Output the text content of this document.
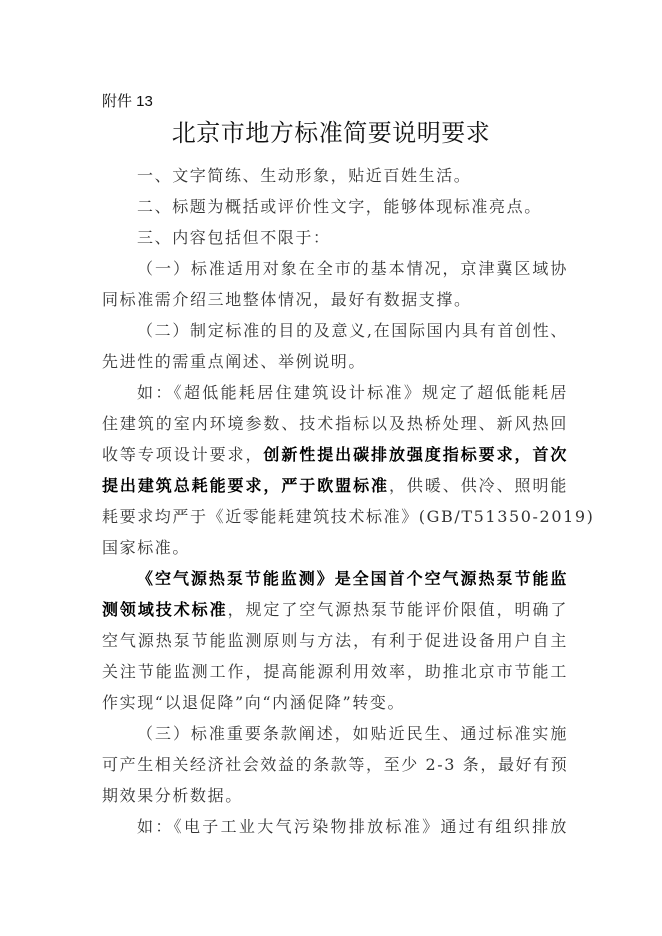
附件 13
北京市地方标准简要说明要求
一、文字简练、生动形象，贴近百姓生活。
二、标题为概括或评价性文字，能够体现标准亮点。
三、内容包括但不限于：
（一）标准适用对象在全市的基本情况，京津冀区域协
同标准需介绍三地整体情况，最好有数据支撑。
（二）制定标准的目的及意义,在国际国内具有首创性、
先进性的需重点阐述、举例说明。
如：《超低能耗居住建筑设计标准》规定了超低能耗居
住建筑的室内环境参数、技术指标以及热桥处理、新风热回
收等专项设计要求，创新性提出碳排放强度指标要求，首次
提出建筑总耗能要求，严于欧盟标准，供暖、供冷、照明能
耗要求均严于《近零能耗建筑技术标准》(GB/T51350-2019)
国家标准。
《空气源热泵节能监测》是全国首个空气源热泵节能监
测领域技术标准，规定了空气源热泵节能评价限值，明确了
空气源热泵节能监测原则与方法，有利于促进设备用户自主
关注节能监测工作，提高能源利用效率，助推北京市节能工
作实现“以退促降”向“内涵促降”转变。
（三）标准重要条款阐述，如贴近民生、通过标准实施
可产生相关经济社会效益的条款等，至少 2-3 条，最好有预
期效果分析数据。
如：《电子工业大气污染物排放标准》通过有组织排放
